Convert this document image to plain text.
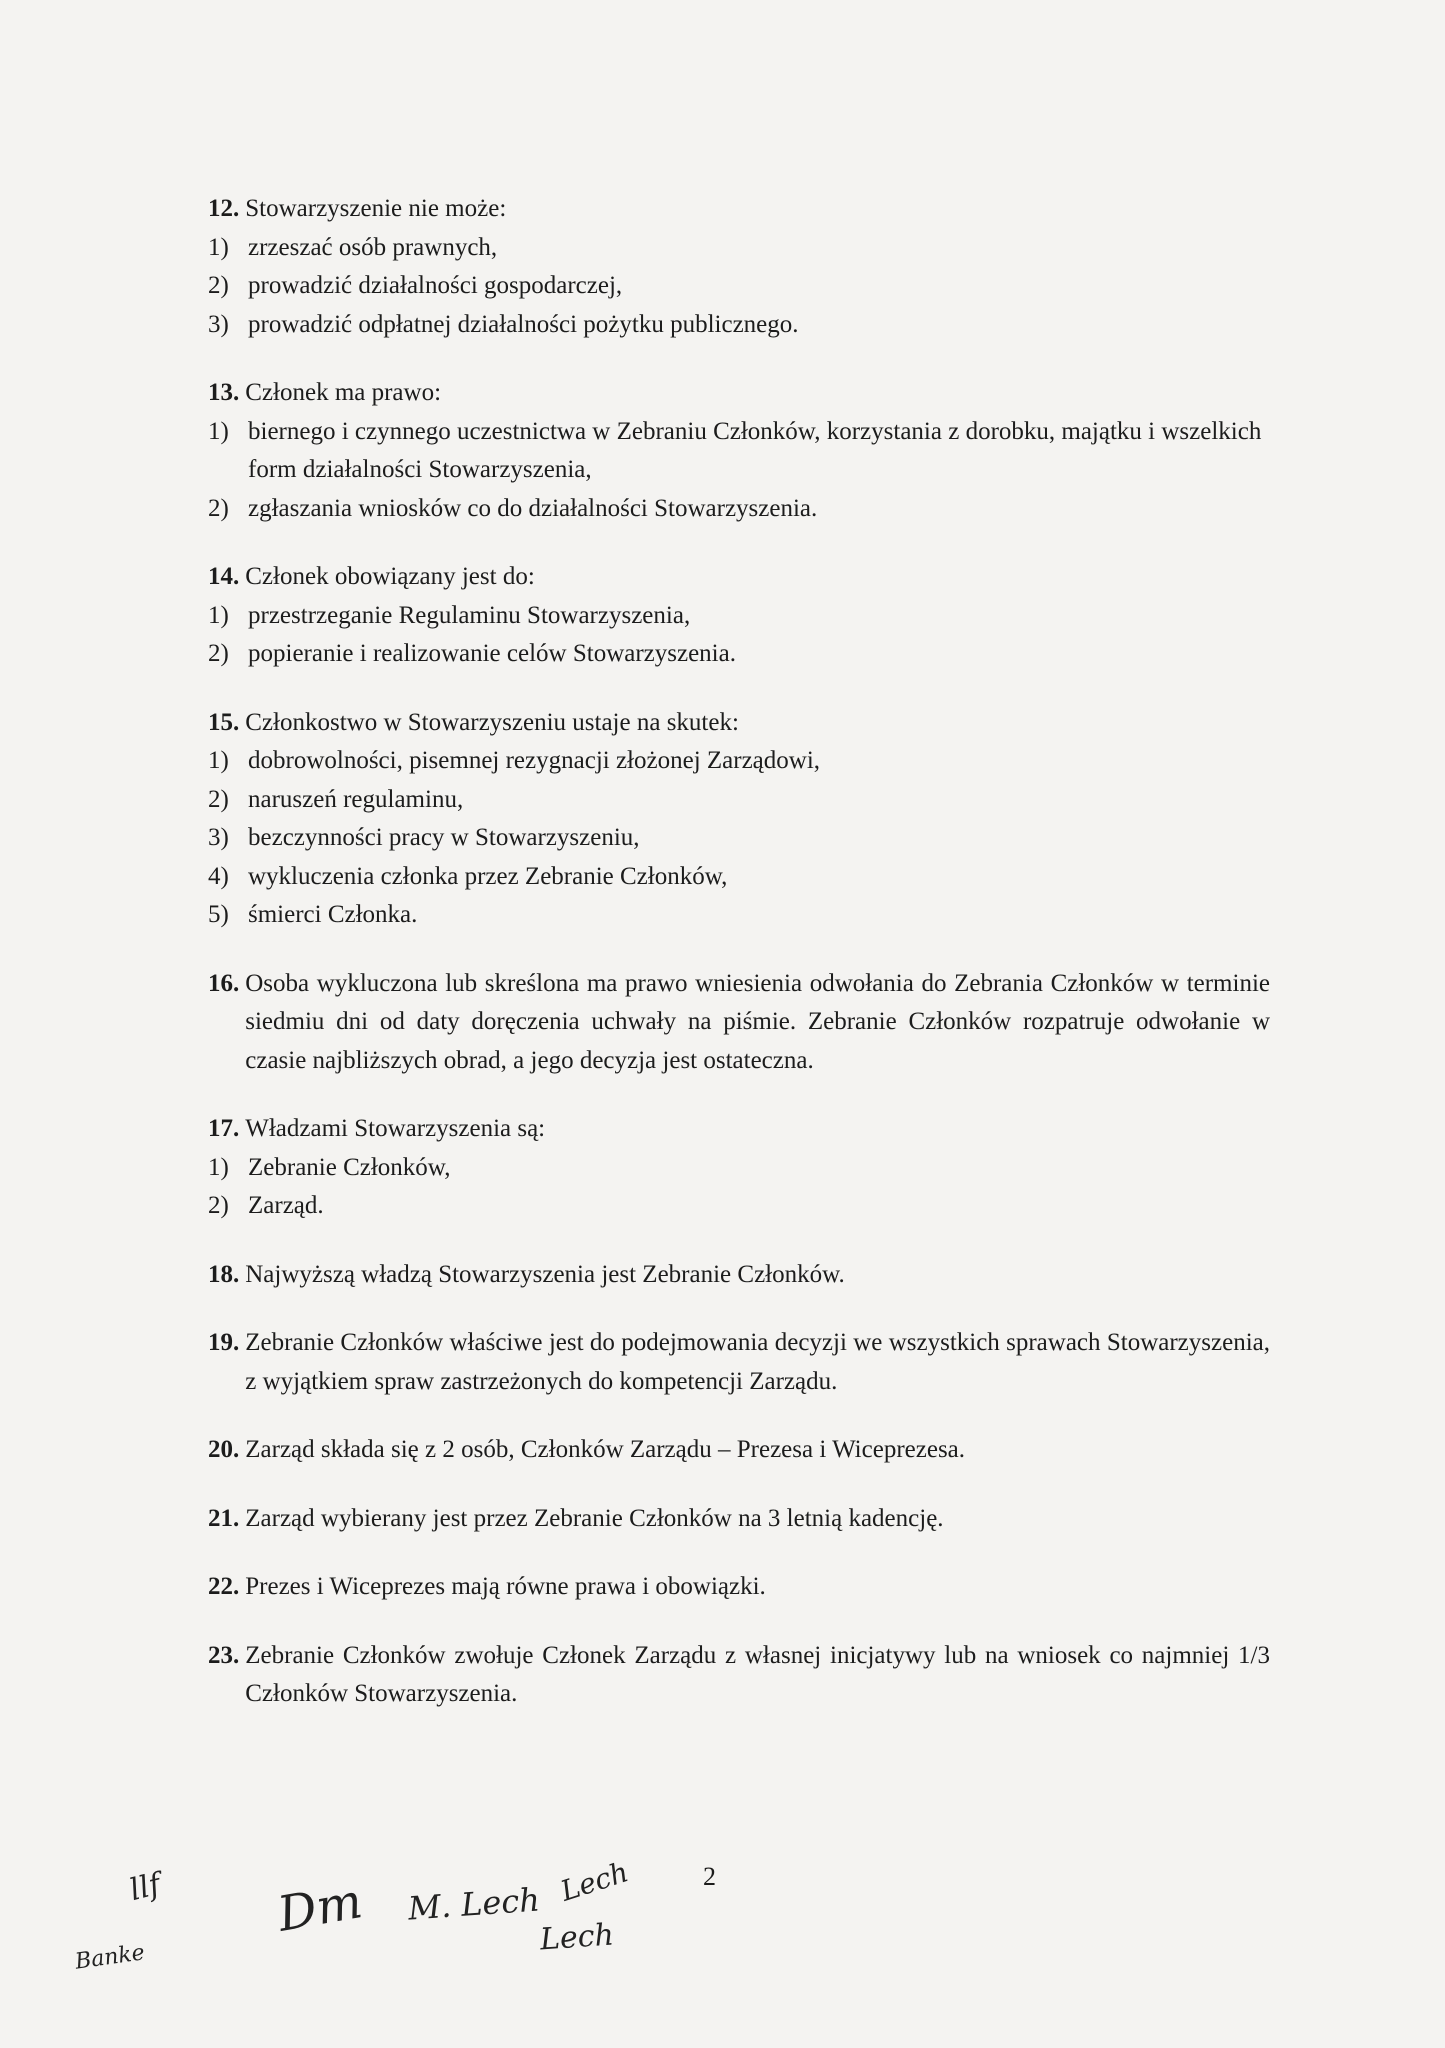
12. Stowarzyszenie nie może:
1) zrzeszać osób prawnych,
2) prowadzić działalności gospodarczej,
3) prowadzić odpłatnej działalności pożytku publicznego.
13. Członek ma prawo:
1) biernego i czynnego uczestnictwa w Zebraniu Członków, korzystania z dorobku, majątku i wszelkich form działalności Stowarzyszenia,
2) zgłaszania wniosków co do działalności Stowarzyszenia.
14. Członek obowiązany jest do:
1) przestrzeganie Regulaminu Stowarzyszenia,
2) popieranie i realizowanie celów Stowarzyszenia.
15. Członkostwo w Stowarzyszeniu ustaje na skutek:
1) dobrowolności, pisemnej rezygnacji złożonej Zarządowi,
2) naruszeń regulaminu,
3) bezczynności pracy w Stowarzyszeniu,
4) wykluczenia członka przez Zebranie Członków,
5) śmierci Członka.
16. Osoba wykluczona lub skreślona ma prawo wniesienia odwołania do Zebrania Członków w terminie siedmiu dni od daty doręczenia uchwały na piśmie. Zebranie Członków rozpatruje odwołanie w czasie najbliższych obrad, a jego decyzja jest ostateczna.
17. Władzami Stowarzyszenia są:
1) Zebranie Członków,
2) Zarząd.
18. Najwyższą władzą Stowarzyszenia jest Zebranie Członków.
19. Zebranie Członków właściwe jest do podejmowania decyzji we wszystkich sprawach Stowarzyszenia, z wyjątkiem spraw zastrzeżonych do kompetencji Zarządu.
20. Zarząd składa się z 2 osób, Członków Zarządu – Prezesa i Wiceprezesa.
21. Zarząd wybierany jest przez Zebranie Członków na 3 letnią kadencję.
22. Prezes i Wiceprezes mają równe prawa i obowiązki.
23. Zebranie Członków zwołuje Członek Zarządu z własnej inicjatywy lub na wniosek co najmniej 1/3 Członków Stowarzyszenia.
2
llf
Banke
Dm M. Lech Lech
Lech
